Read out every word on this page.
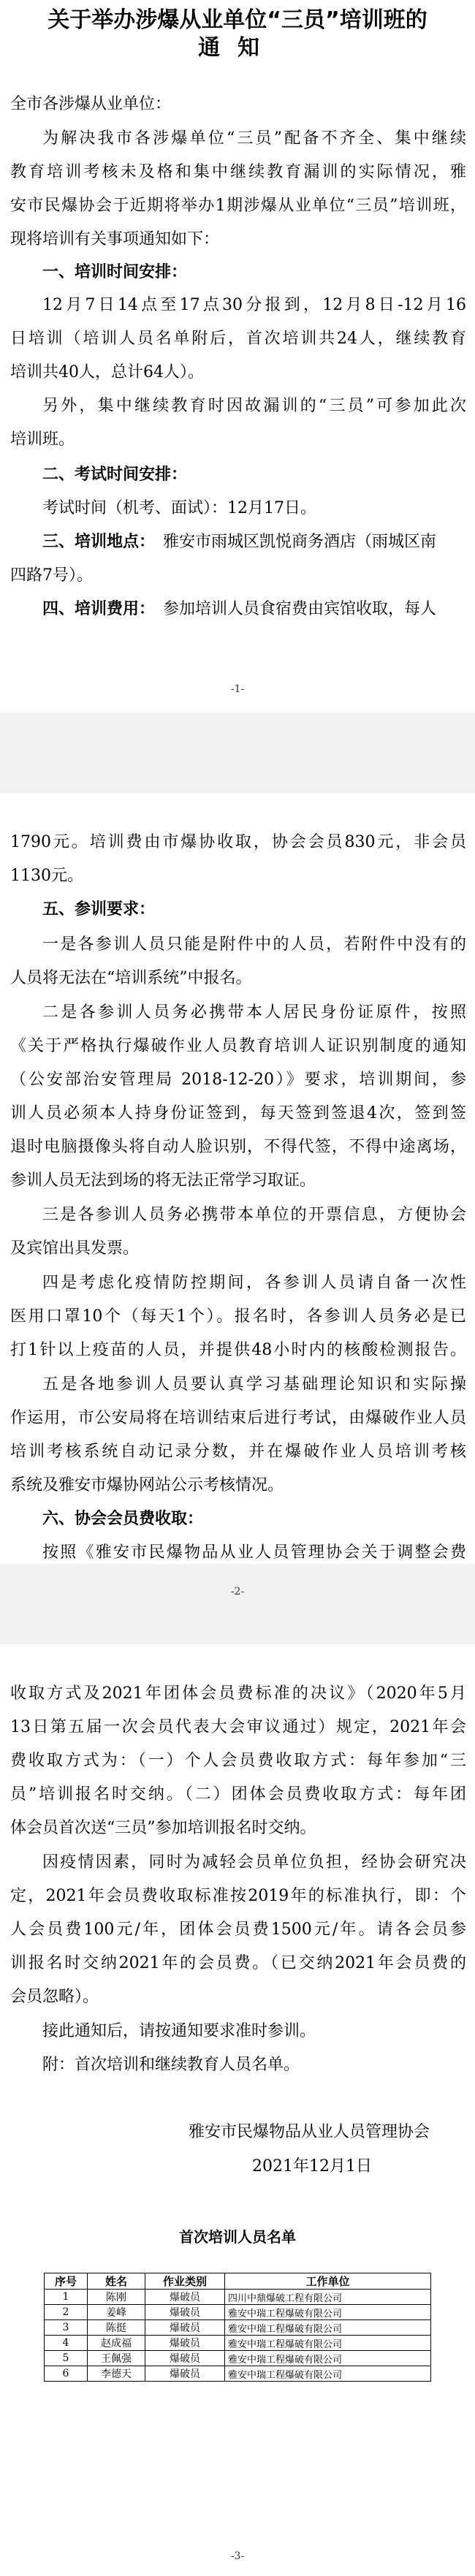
关于举办涉爆从业单位“三员”培训班的
通知
全市各涉爆从业单位：
为解决我市各涉爆单位“三员”配备不齐全、集中继续
教育培训考核未及格和集中继续教育漏训的实际情况，雅
安市民爆协会于近期将举办1期涉爆从业单位“三员”培训班，
现将培训有关事项通知如下：
一、培训时间安排：
12月7日14点至17点30分报到，12月8日-12月16
日培训（培训人员名单附后，首次培训共24人，继续教育
培训共40人，总计64人）。
另外，集中继续教育时因故漏训的“三员”可参加此次
培训班。
二、考试时间安排：
考试时间（机考、面试）：12月17日。
三、培训地点： 雅安市雨城区凯悦商务酒店（雨城区南
四路7号）。
四、培训费用： 参加培训人员食宿费由宾馆收取，每人
-1-
1790元。培训费由市爆协收取，协会会员830元，非会员
1130元。
五、参训要求：
一是各参训人员只能是附件中的人员，若附件中没有的
人员将无法在“培训系统”中报名。
二是各参训人员务必携带本人居民身份证原件，按照
《关于严格执行爆破作业人员教育培训人证识别制度的通知
（公安部治安管理局 2018-12-20）》要求，培训期间，参
训人员必须本人持身份证签到，每天签到签退4次，签到签
退时电脑摄像头将自动人脸识别，不得代签，不得中途离场，
参训人员无法到场的将无法正常学习取证。
三是各参训人员务必携带本单位的开票信息，方便协会
及宾馆出具发票。
四是考虑化疫情防控期间，各参训人员请自备一次性
医用口罩10个（每天1个）。报名时，各参训人员务必是已
打1针以上疫苗的人员，并提供48小时内的核酸检测报告。
五是各地参训人员要认真学习基础理论知识和实际操
作运用，市公安局将在培训结束后进行考试，由爆破作业人员
培训考核系统自动记录分数，并在爆破作业人员培训考核
系统及雅安市爆协网站公示考核情况。
六、协会会员费收取：
按照《雅安市民爆物品从业人员管理协会关于调整会费
-2-
收取方式及2021年团体会员费标准的决议》（2020年5月
13日第五届一次会员代表大会审议通过）规定，2021年会
费收取方式为：（一）个人会员费收取方式：每年参加“三
员”培训报名时交纳。（二）团体会员费收取方式：每年团
体会员首次送“三员”参加培训报名时交纳。
因疫情因素，同时为减轻会员单位负担，经协会研究决
定，2021年会员费收取标准按2019年的标准执行，即：个
人会员费100元/年，团体会员费1500元/年。请各会员参
训报名时交纳2021年的会员费。（已交纳2021年会员费的
会员忽略）。
接此通知后，请按通知要求准时参训。
附：首次培训和继续教育人员名单。
雅安市民爆物品从业人员管理协会
2021年12月1日
首次培训人员名单
序号	姓名	作业类别	工作单位
1	陈刚	爆破员	四川中鼎爆破工程有限公司
2	姜峰	爆破员	雅安中瑞工程爆破有限公司
3	陈挺	爆破员	雅安中瑞工程爆破有限公司
4	赵成福	爆破员	雅安中瑞工程爆破有限公司
5	王佩强	爆破员	雅安中瑞工程爆破有限公司
6	李德天	爆破员	雅安中瑞工程爆破有限公司
-3-
